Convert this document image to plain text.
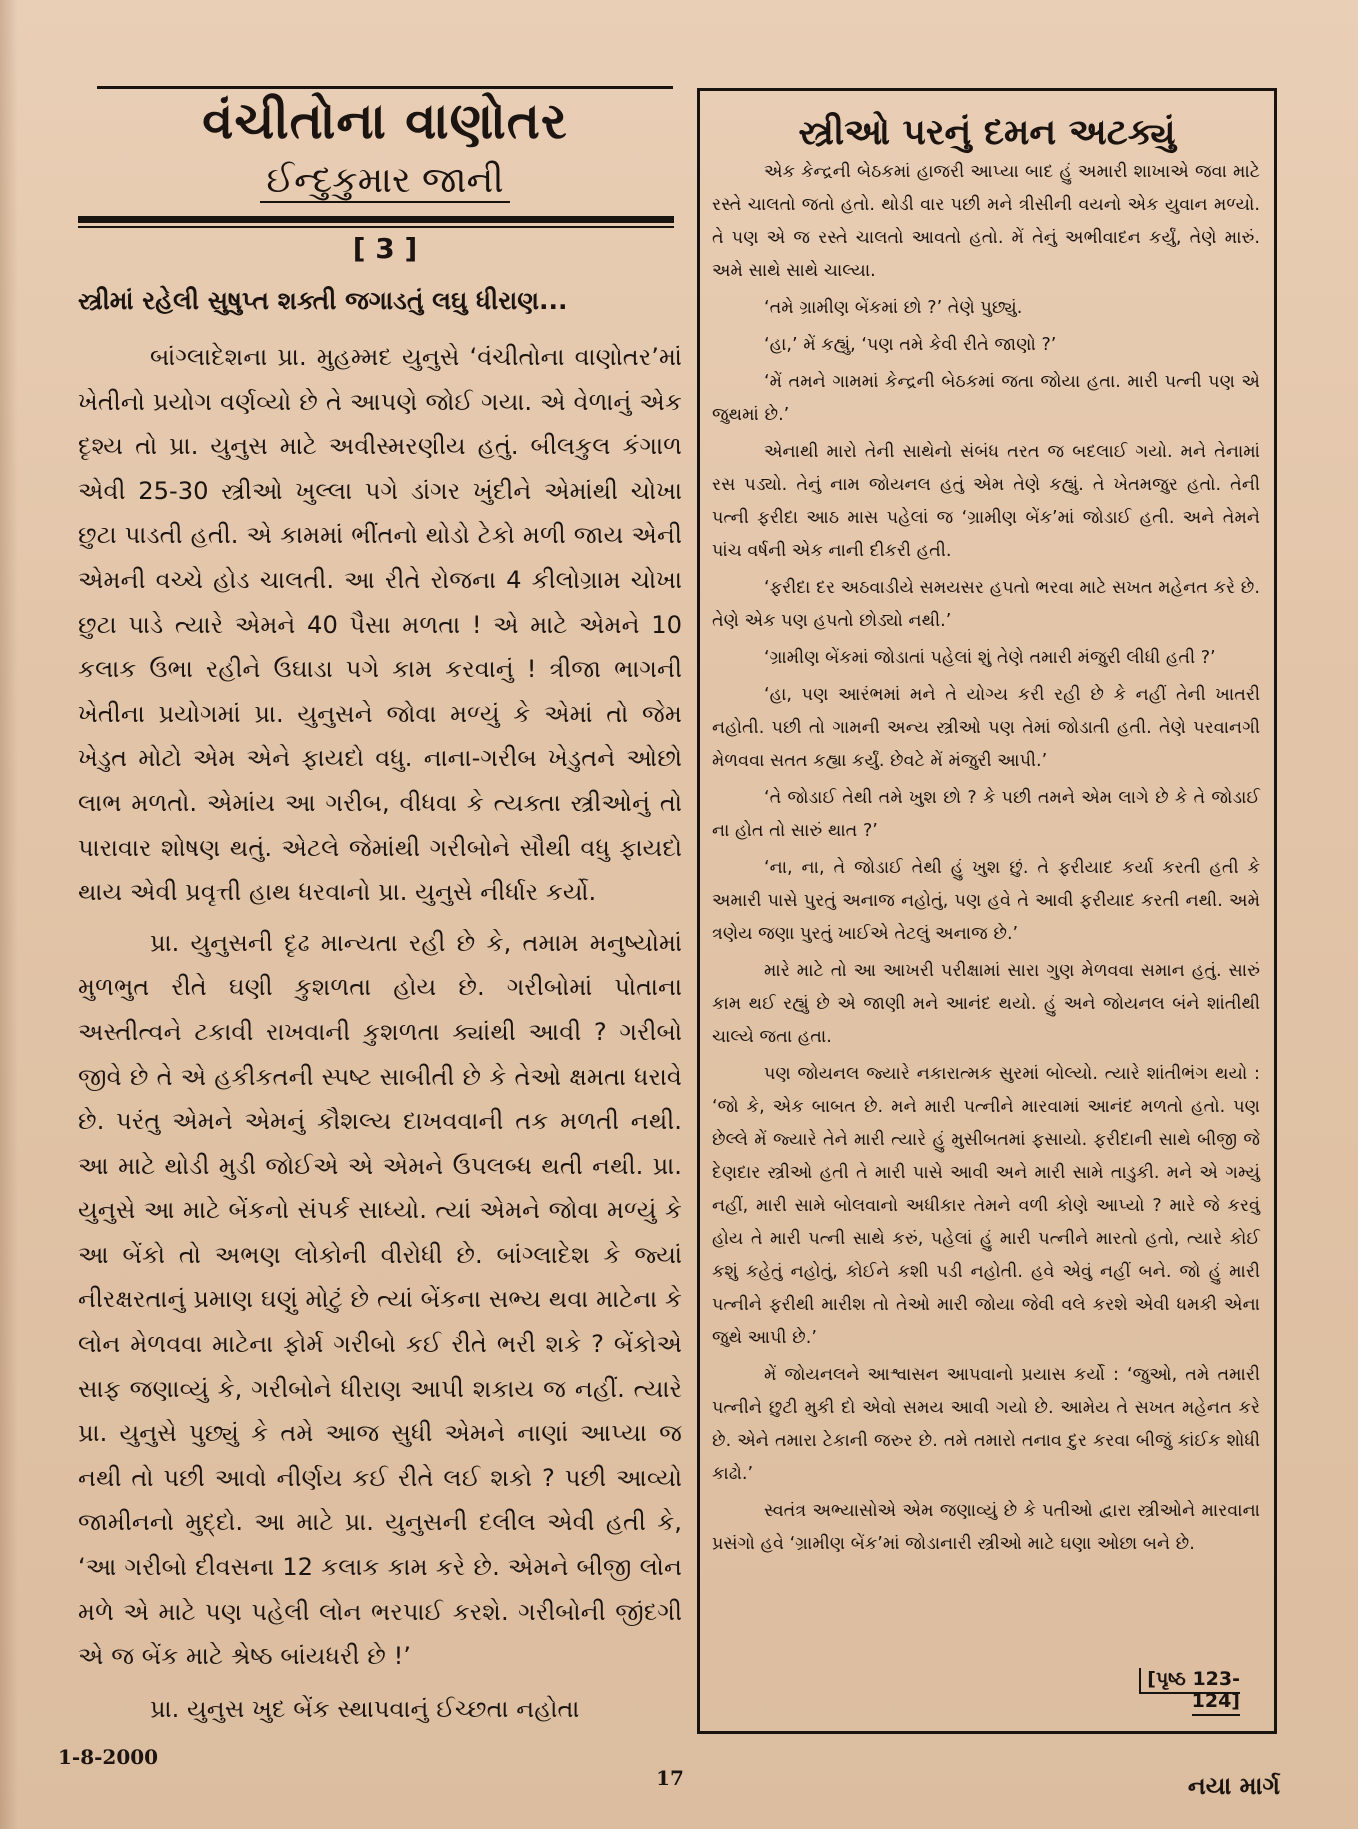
વંચીતોના વાણોતર

ઈન્દુકુમાર જાની

[ 3 ]

સ્ત્રીમાં રહેલી સુષુપ્ત શક્તી જગાડતું લઘુ ધીરાણ...

બાંગ્લાદેશના પ્રા. મુહમ્મદ યુનુસે ‘વંચીતોના વાણોતર’માં ખેતીનો પ્રયોગ વર્ણવ્યો છે તે આપણે જોઈ ગયા. એ વેળાનું એક દૃશ્ય તો પ્રા. યુનુસ માટે અવીસ્મરણીય હતું. બીલકુલ કંગાળ એવી 25-30 સ્ત્રીઓ ખુલ્લા પગે ડાંગર ખુંદીને એમાંથી ચોખા છુટા પાડતી હતી. એ કામમાં ભીંતનો થોડો ટેકો મળી જાય એની એમની વચ્ચે હોડ ચાલતી. આ રીતે રોજના 4 કીલોગ્રામ ચોખા છુટા પાડે ત્યારે એમને 40 પૈસા મળતા ! એ માટે એમને 10 કલાક ઉભા રહીને ઉઘાડા પગે કામ કરવાનું ! ત્રીજા ભાગની ખેતીના પ્રયોગમાં પ્રા. યુનુસને જોવા મળ્યું કે એમાં તો જેમ ખેડુત મોટો એમ એને ફાયદો વધુ. નાના-ગરીબ ખેડુતને ઓછો લાભ મળતો. એમાંય આ ગરીબ, વીધવા કે ત્યક્તા સ્ત્રીઓનું તો પારાવાર શોષણ થતું. એટલે જેમાંથી ગરીબોને સૌથી વધુ ફાયદો થાય એવી પ્રવૃત્તી હાથ ધરવાનો પ્રા. યુનુસે નીર્ધાર કર્યો.

પ્રા. યુનુસની દૃઢ માન્યતા રહી છે કે, તમામ મનુષ્યોમાં મુળભુત રીતે ઘણી કુશળતા હોય છે. ગરીબોમાં પોતાના અસ્તીત્વને ટકાવી રાખવાની કુશળતા ક્યાંથી આવી ? ગરીબો જીવે છે તે એ હકીકતની સ્પષ્ટ સાબીતી છે કે તેઓ ક્ષમતા ધરાવે છે. પરંતુ એમને એમનું કૌશલ્ય દાખવવાની તક મળતી નથી. આ માટે થોડી મુડી જોઈએ એ એમને ઉપલબ્ધ થતી નથી. પ્રા. યુનુસે આ માટે બેંકનો સંપર્ક સાધ્યો. ત્યાં એમને જોવા મળ્યું કે આ બેંકો તો અભણ લોકોની વીરોધી છે. બાંગ્લાદેશ કે જ્યાં નીરક્ષરતાનું પ્રમાણ ઘણું મોટું છે ત્યાં બેંકના સભ્ય થવા માટેના કે લોન મેળવવા માટેના ફોર્મ ગરીબો કઈ રીતે ભરી શકે ? બેંકોએ સાફ જણાવ્યું કે, ગરીબોને ધીરાણ આપી શકાય જ નહીં. ત્યારે પ્રા. યુનુસે પુછ્યું કે તમે આજ સુધી એમને નાણાં આપ્યા જ નથી તો પછી આવો નીર્ણય કઈ રીતે લઈ શકો ? પછી આવ્યો જામીનનો મુદ્દો. આ માટે પ્રા. યુનુસની દલીલ એવી હતી કે, ‘આ ગરીબો દીવસના 12 કલાક કામ કરે છે. એમને બીજી લોન મળે એ માટે પણ પહેલી લોન ભરપાઈ કરશે. ગરીબોની જીંદગી એ જ બેંક માટે શ્રેષ્ઠ બાંયધરી છે !’

પ્રા. યુનુસ ખુદ બેંક સ્થાપવાનું ઈચ્છતા નહોતા

સ્ત્રીઓ પરનું દમન અટક્યું

એક કેન્દ્રની બેઠકમાં હાજરી આપ્યા બાદ હું અમારી શાખાએ જવા માટે રસ્તે ચાલતો જતો હતો. થોડી વાર પછી મને ત્રીસીની વયનો એક યુવાન મળ્યો. તે પણ એ જ રસ્તે ચાલતો આવતો હતો. મેં તેનું અભીવાદન કર્યું, તેણે મારું. અમે સાથે સાથે ચાલ્યા.

‘તમે ગ્રામીણ બેંકમાં છો ?’ તેણે પુછ્યું.

‘હા,’ મેં કહ્યું, ‘પણ તમે કેવી રીતે જાણો ?’

‘મેં તમને ગામમાં કેન્દ્રની બેઠકમાં જતા જોયા હતા. મારી પત્ની પણ એ જુથમાં છે.’

એનાથી મારો તેની સાથેનો સંબંધ તરત જ બદલાઈ ગયો. મને તેનામાં રસ પડ્યો. તેનું નામ જોયનલ હતું એમ તેણે કહ્યું. તે ખેતમજુર હતો. તેની પત્ની ફરીદા આઠ માસ પહેલાં જ ‘ગ્રામીણ બેંક’માં જોડાઈ હતી. અને તેમને પાંચ વર્ષની એક નાની દીકરી હતી.

‘ફરીદા દર અઠવાડીયે સમયસર હપતો ભરવા માટે સખત મહેનત કરે છે. તેણે એક પણ હપતો છોડ્યો નથી.’

‘ગ્રામીણ બેંકમાં જોડાતાં પહેલાં શું તેણે તમારી મંજુરી લીધી હતી ?’

‘હા, પણ આરંભમાં મને તે યોગ્ય કરી રહી છે કે નહીં તેની ખાતરી નહોતી. પછી તો ગામની અન્ય સ્ત્રીઓ પણ તેમાં જોડાતી હતી. તેણે પરવાનગી મેળવવા સતત કહ્યા કર્યું. છેવટે મેં મંજુરી આપી.’

‘તે જોડાઈ તેથી તમે ખુશ છો ? કે પછી તમને એમ લાગે છે કે તે જોડાઈ ના હોત તો સારું થાત ?’

‘ના, ના, તે જોડાઈ તેથી હું ખુશ છું. તે ફરીયાદ કર્યા કરતી હતી કે અમારી પાસે પુરતું અનાજ નહોતું, પણ હવે તે આવી ફરીયાદ કરતી નથી. અમે ત્રણેય જણા પુરતું ખાઈએ તેટલું અનાજ છે.’

મારે માટે તો આ આખરી પરીક્ષામાં સારા ગુણ મેળવવા સમાન હતું. સારું કામ થઈ રહ્યું છે એ જાણી મને આનંદ થયો. હું અને જોયનલ બંને શાંતીથી ચાલ્યે જતા હતા.

પણ જોયનલ જ્યારે નકારાત્મક સુરમાં બોલ્યો. ત્યારે શાંતીભંગ થયો : ‘જો કે, એક બાબત છે. મને મારી પત્નીને મારવામાં આનંદ મળતો હતો. પણ છેલ્લે મેં જ્યારે તેને મારી ત્યારે હું મુસીબતમાં ફસાયો. ફરીદાની સાથે બીજી જે દેણદાર સ્ત્રીઓ હતી તે મારી પાસે આવી અને મારી સામે તાડુકી. મને એ ગમ્યું નહીં, મારી સામે બોલવાનો અધીકાર તેમને વળી કોણે આપ્યો ? મારે જે કરવું હોય તે મારી પત્ની સાથે કરું, પહેલાં હું મારી પત્નીને મારતો હતો, ત્યારે કોઈ કશું કહેતું નહોતું, કોઈને કશી પડી નહોતી. હવે એવું નહીં બને. જો હું મારી પત્નીને ફરીથી મારીશ તો તેઓ મારી જોયા જેવી વલે કરશે એવી ધમકી એના જુથે આપી છે.’

મેં જોયનલને આશ્વાસન આપવાનો પ્રયાસ કર્યો : ‘જુઓ, તમે તમારી પત્નીને છુટી મુકી દો એવો સમય આવી ગયો છે. આમેય તે સખત મહેનત કરે છે. એને તમારા ટેકાની જરુર છે. તમે તમારો તનાવ દુર કરવા બીજું કાંઈક શોધી કાઢો.’

સ્વતંત્ર અભ્યાસોએ એમ જણાવ્યું છે કે પતીઓ દ્વારા સ્ત્રીઓને મારવાના પ્રસંગો હવે ‘ગ્રામીણ બેંક’માં જોડાનારી સ્ત્રીઓ માટે ઘણા ઓછા બને છે.

[પૃષ્ઠ 123-124]

1-8-2000

17	નયા માર્ગ
